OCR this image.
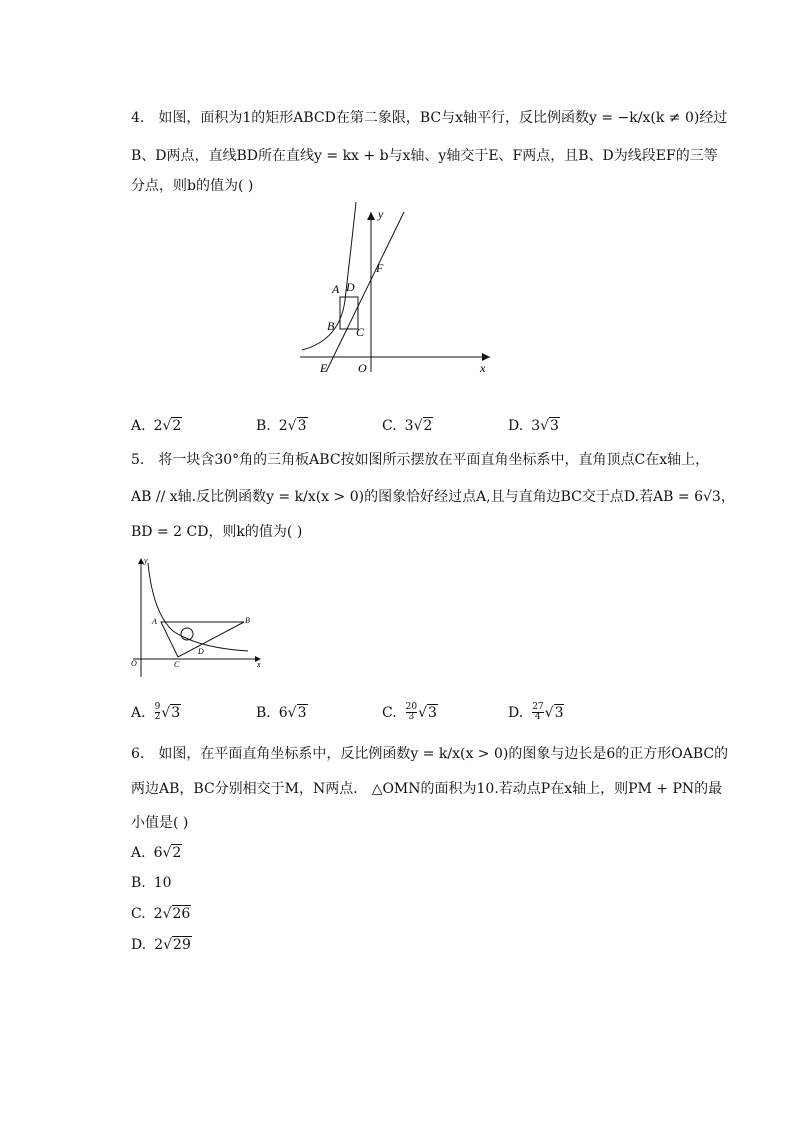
4. 如图，面积为1的矩形ABCD在第二象限，BC与x轴平行，反比例函数y = −k/x(k ≠ 0)经过
B、D两点，直线BD所在直线y = kx + b与x轴、y轴交于E、F两点，且B、D为线段EF的三等
分点，则b的值为( )
y
F
D
A
B C
E	O	x
A. 2√2	B. 2√3	C. 3√2	D. 3√3
5. 将一块含30°角的三角板ABC按如图所示摆放在平面直角坐标系中，直角顶点C在x轴上，
AB // x轴.反比例函数y = k/x(x > 0)的图象恰好经过点A,且与直角边BC交于点D.若AB = 6√3，
BD = 2 CD，则k的值为( )
y
A	B
O	C
D
x
A. $\frac{9}{2} √3$	B. 6√3	C. $\frac{20}{3} √3$	D. $\frac{27}{4} √3$
6. 如图，在平面直角坐标系中，反比例函数y = k/x(x > 0)的图象与边长是6的正方形OABC的
两边AB，BC分别相交于M，N两点． △OMN的面积为10.若动点P在x轴上，则PM + PN的最
小值是( )
A. 6√2
B. 10
C. 2√26
D. 2√29
